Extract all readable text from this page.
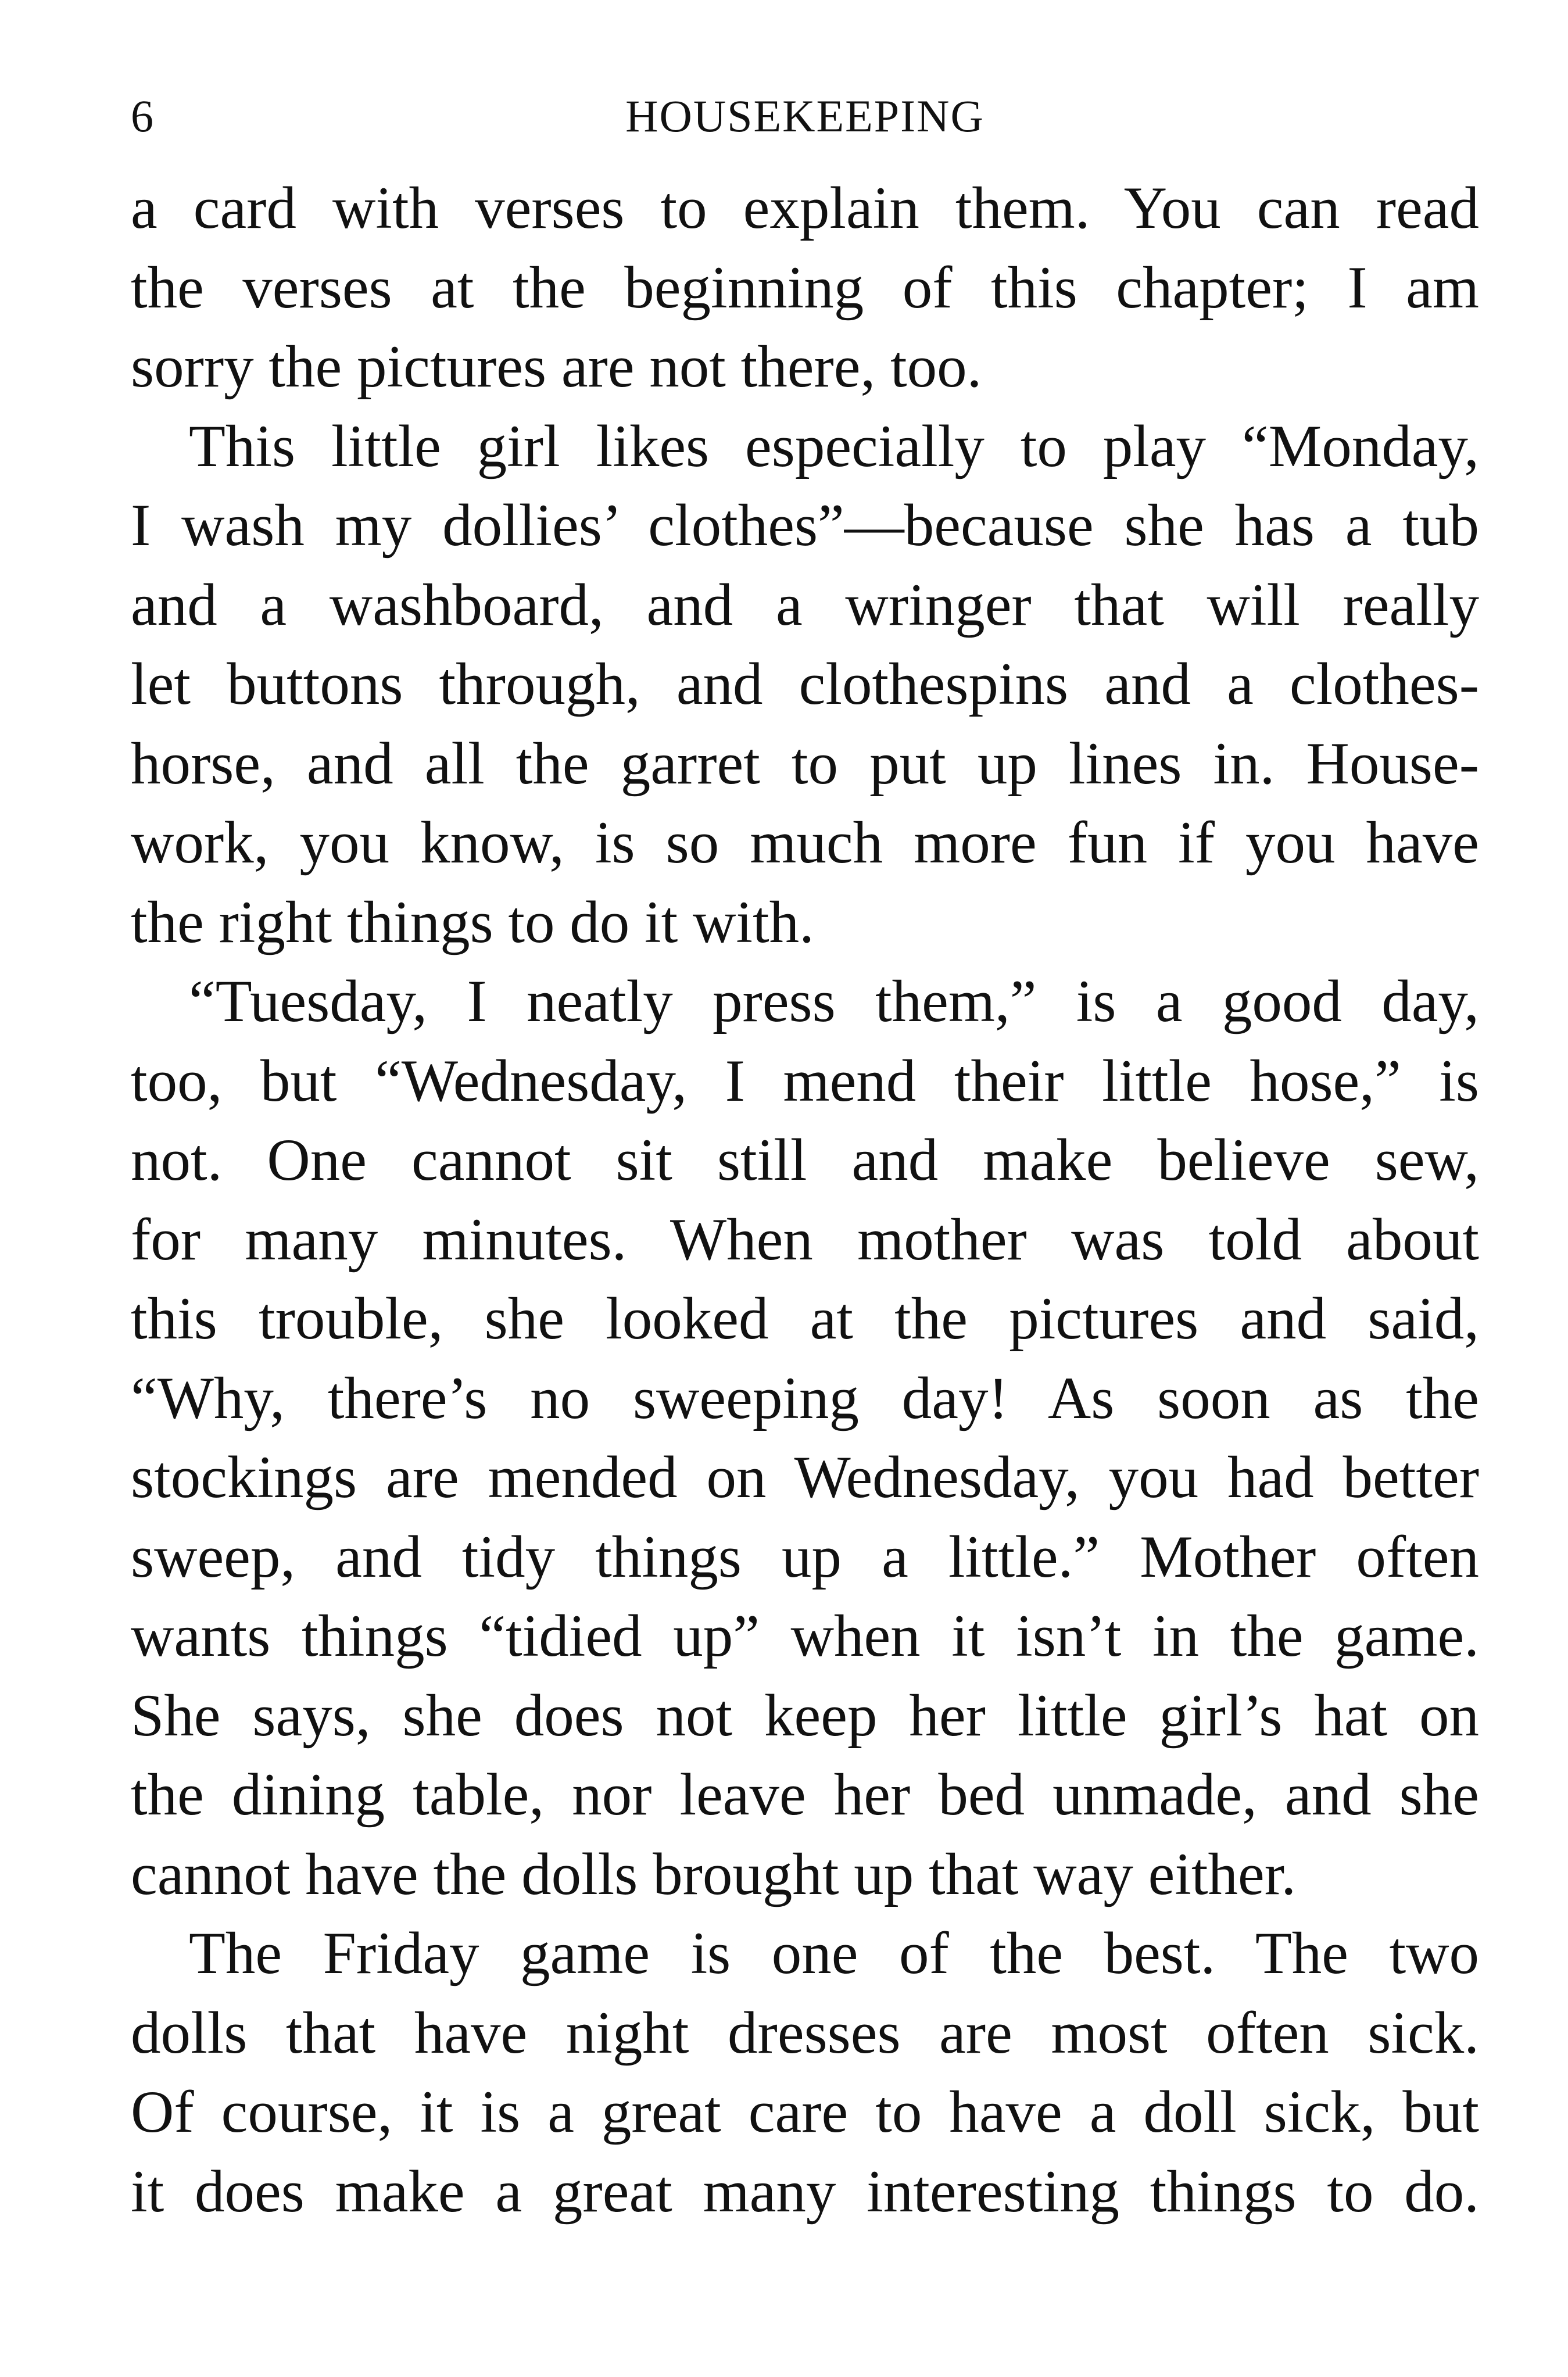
6	HOUSEKEEPING
a card with verses to explain them. You can read
the verses at the beginning of this chapter; I am
sorry the pictures are not there, too.
This little girl likes especially to play “Monday,
I wash my dollies’ clothes”—because she has a tub
and a washboard, and a wringer that will really
let buttons through, and clothespins and a clothes-
horse, and all the garret to put up lines in. House-
work, you know, is so much more fun if you have
the right things to do it with.
“Tuesday, I neatly press them,” is a good day,
too, but “Wednesday, I mend their little hose,” is
not. One cannot sit still and make believe sew,
for many minutes. When mother was told about
this trouble, she looked at the pictures and said,
“Why, there’s no sweeping day! As soon as the
stockings are mended on Wednesday, you had better
sweep, and tidy things up a little.” Mother often
wants things “tidied up” when it isn’t in the game.
She says, she does not keep her little girl’s hat on
the dining table, nor leave her bed unmade, and she
cannot have the dolls brought up that way either.
The Friday game is one of the best. The two
dolls that have night dresses are most often sick.
Of course, it is a great care to have a doll sick, but
it does make a great many interesting things to do.
